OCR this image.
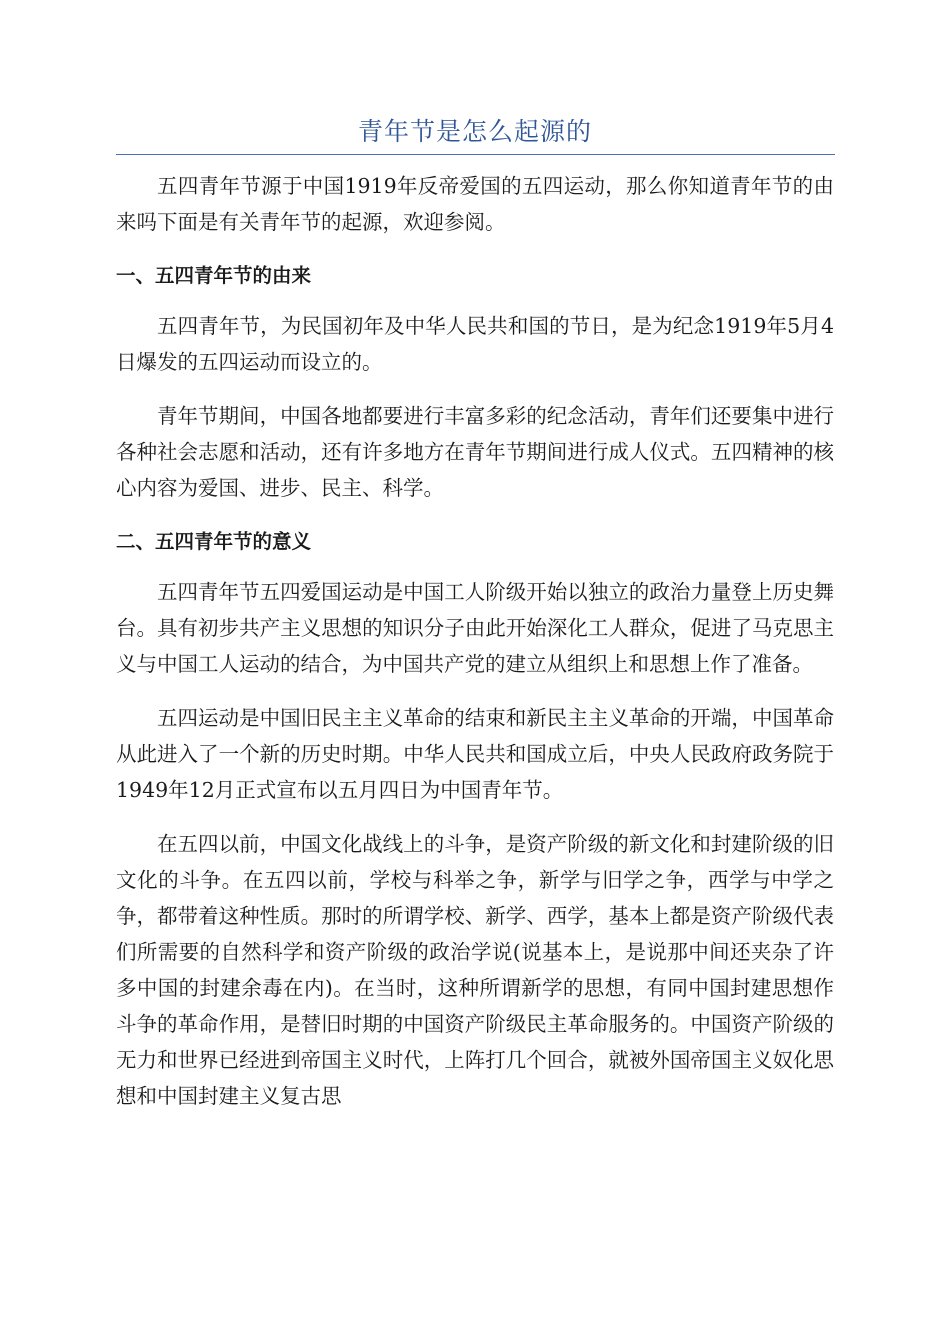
青年节是怎么起源的

五四青年节源于中国1919年反帝爱国的五四运动，那么你知道青年节的由来吗下面是有关青年节的起源，欢迎参阅。

一、五四青年节的由来

五四青年节，为民国初年及中华人民共和国的节日，是为纪念1919年5月4日爆发的五四运动而设立的。

青年节期间，中国各地都要进行丰富多彩的纪念活动，青年们还要集中进行各种社会志愿和活动，还有许多地方在青年节期间进行成人仪式。五四精神的核心内容为爱国、进步、民主、科学。

二、五四青年节的意义

五四青年节五四爱国运动是中国工人阶级开始以独立的政治力量登上历史舞台。具有初步共产主义思想的知识分子由此开始深化工人群众，促进了马克思主义与中国工人运动的结合，为中国共产党的建立从组织上和思想上作了准备。

五四运动是中国旧民主主义革命的结束和新民主主义革命的开端，中国革命从此进入了一个新的历史时期。中华人民共和国成立后，中央人民政府政务院于1949年12月正式宣布以五月四日为中国青年节。

在五四以前，中国文化战线上的斗争，是资产阶级的新文化和封建阶级的旧文化的斗争。在五四以前，学校与科举之争，新学与旧学之争，西学与中学之争，都带着这种性质。那时的所谓学校、新学、西学，基本上都是资产阶级代表们所需要的自然科学和资产阶级的政治学说(说基本上，是说那中间还夹杂了许多中国的封建余毒在内)。在当时，这种所谓新学的思想，有同中国封建思想作斗争的革命作用，是替旧时期的中国资产阶级民主革命服务的。中国资产阶级的无力和世界已经进到帝国主义时代，上阵打几个回合，就被外国帝国主义奴化思想和中国封建主义复古思
